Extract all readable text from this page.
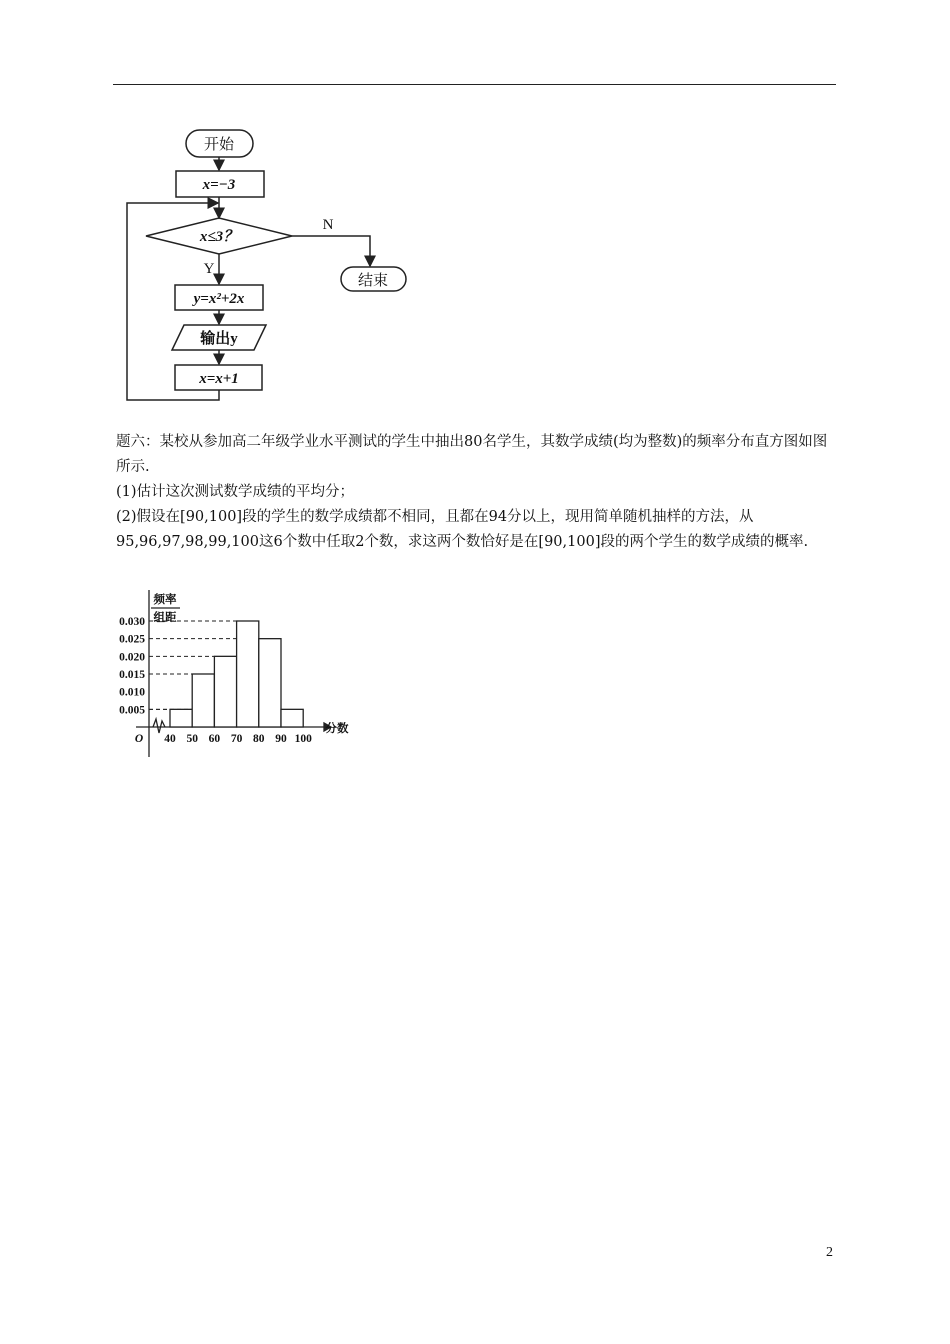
开始
x=−3
x≤3？
N
Y
结束
y=x²+2x
输出y
x=x+1

题六：某校从参加高二年级学业水平测试的学生中抽出80名学生，其数学成绩(均为整数)的频率分布直方图如图所示.

(1)估计这次测试数学成绩的平均分；

(2)假设在[90,100]段的学生的数学成绩都不相同，且都在94分以上，现用简单随机抽样的方法，从95,96,97,98,99,100这6个数中任取2个数，求这两个数恰好是在[90,100]段的两个学生的数学成绩的概率.

频率
组距
分数
O
0.005
0.010
0.015
0.020
0.025
0.030
40 50 60 70 80 90 100
2
